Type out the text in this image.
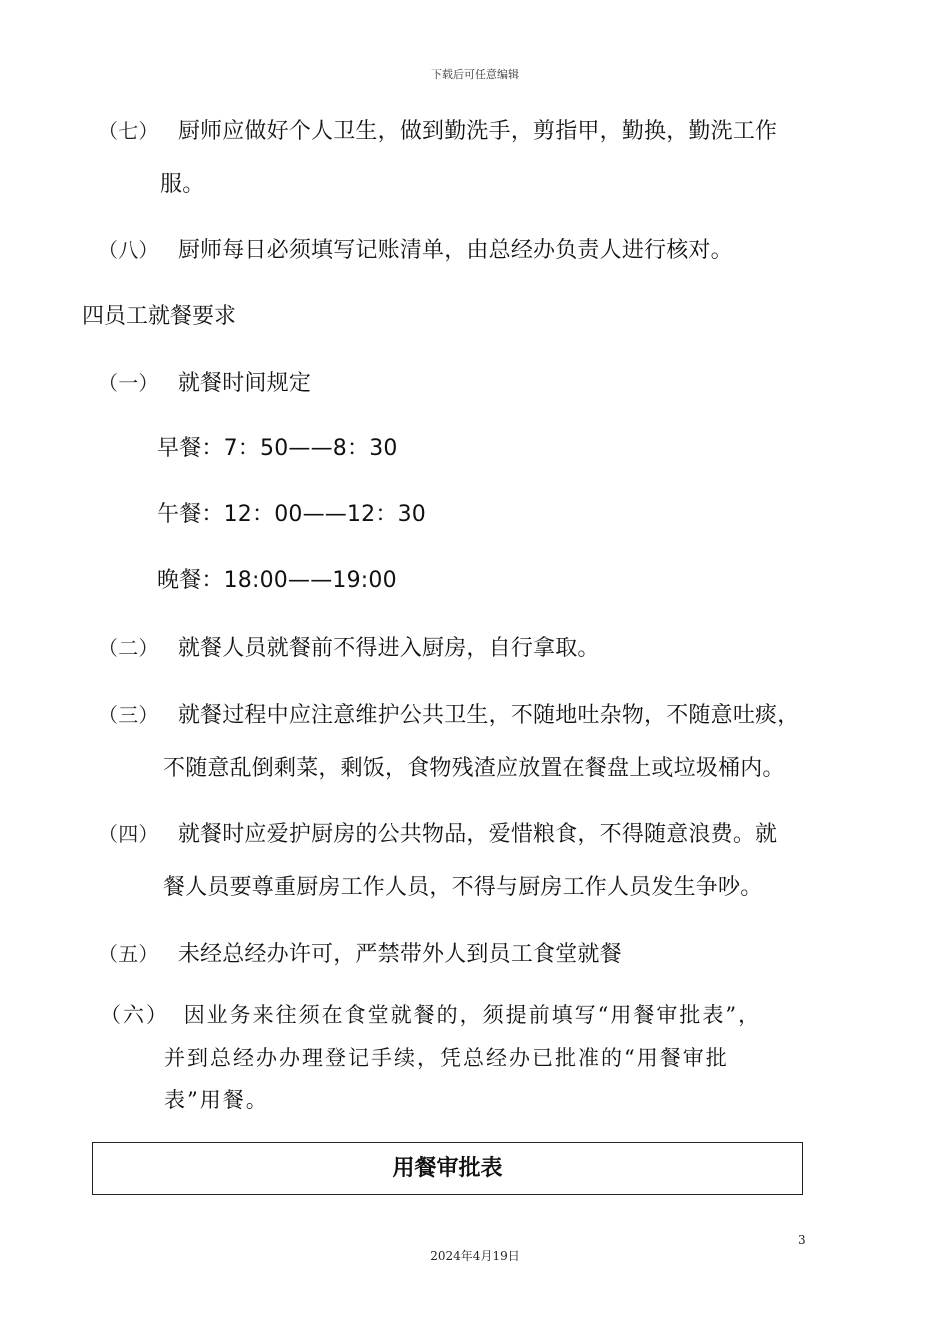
下载后可任意编辑
（七） 厨师应做好个人卫生，做到勤洗手，剪指甲，勤换，勤洗工作
服。
（八） 厨师每日必须填写记账清单，由总经办负责人进行核对。
四员工就餐要求
（一） 就餐时间规定
早餐：7：50——8：30
午餐：12：00——12：30
晚餐：18:00——19:00
（二） 就餐人员就餐前不得进入厨房，自行拿取。
（三） 就餐过程中应注意维护公共卫生，不随地吐杂物，不随意吐痰，
不随意乱倒剩菜，剩饭，食物残渣应放置在餐盘上或垃圾桶内。
（四） 就餐时应爱护厨房的公共物品，爱惜粮食，不得随意浪费。就
餐人员要尊重厨房工作人员，不得与厨房工作人员发生争吵。
（五） 未经总经办许可，严禁带外人到员工食堂就餐
（六） 因业务来往须在食堂就餐的，须提前填写“用餐审批表”，
并到总经办办理登记手续，凭总经办已批准的“用餐审批
表”用餐。
用餐审批表
3
2024年4月19日
